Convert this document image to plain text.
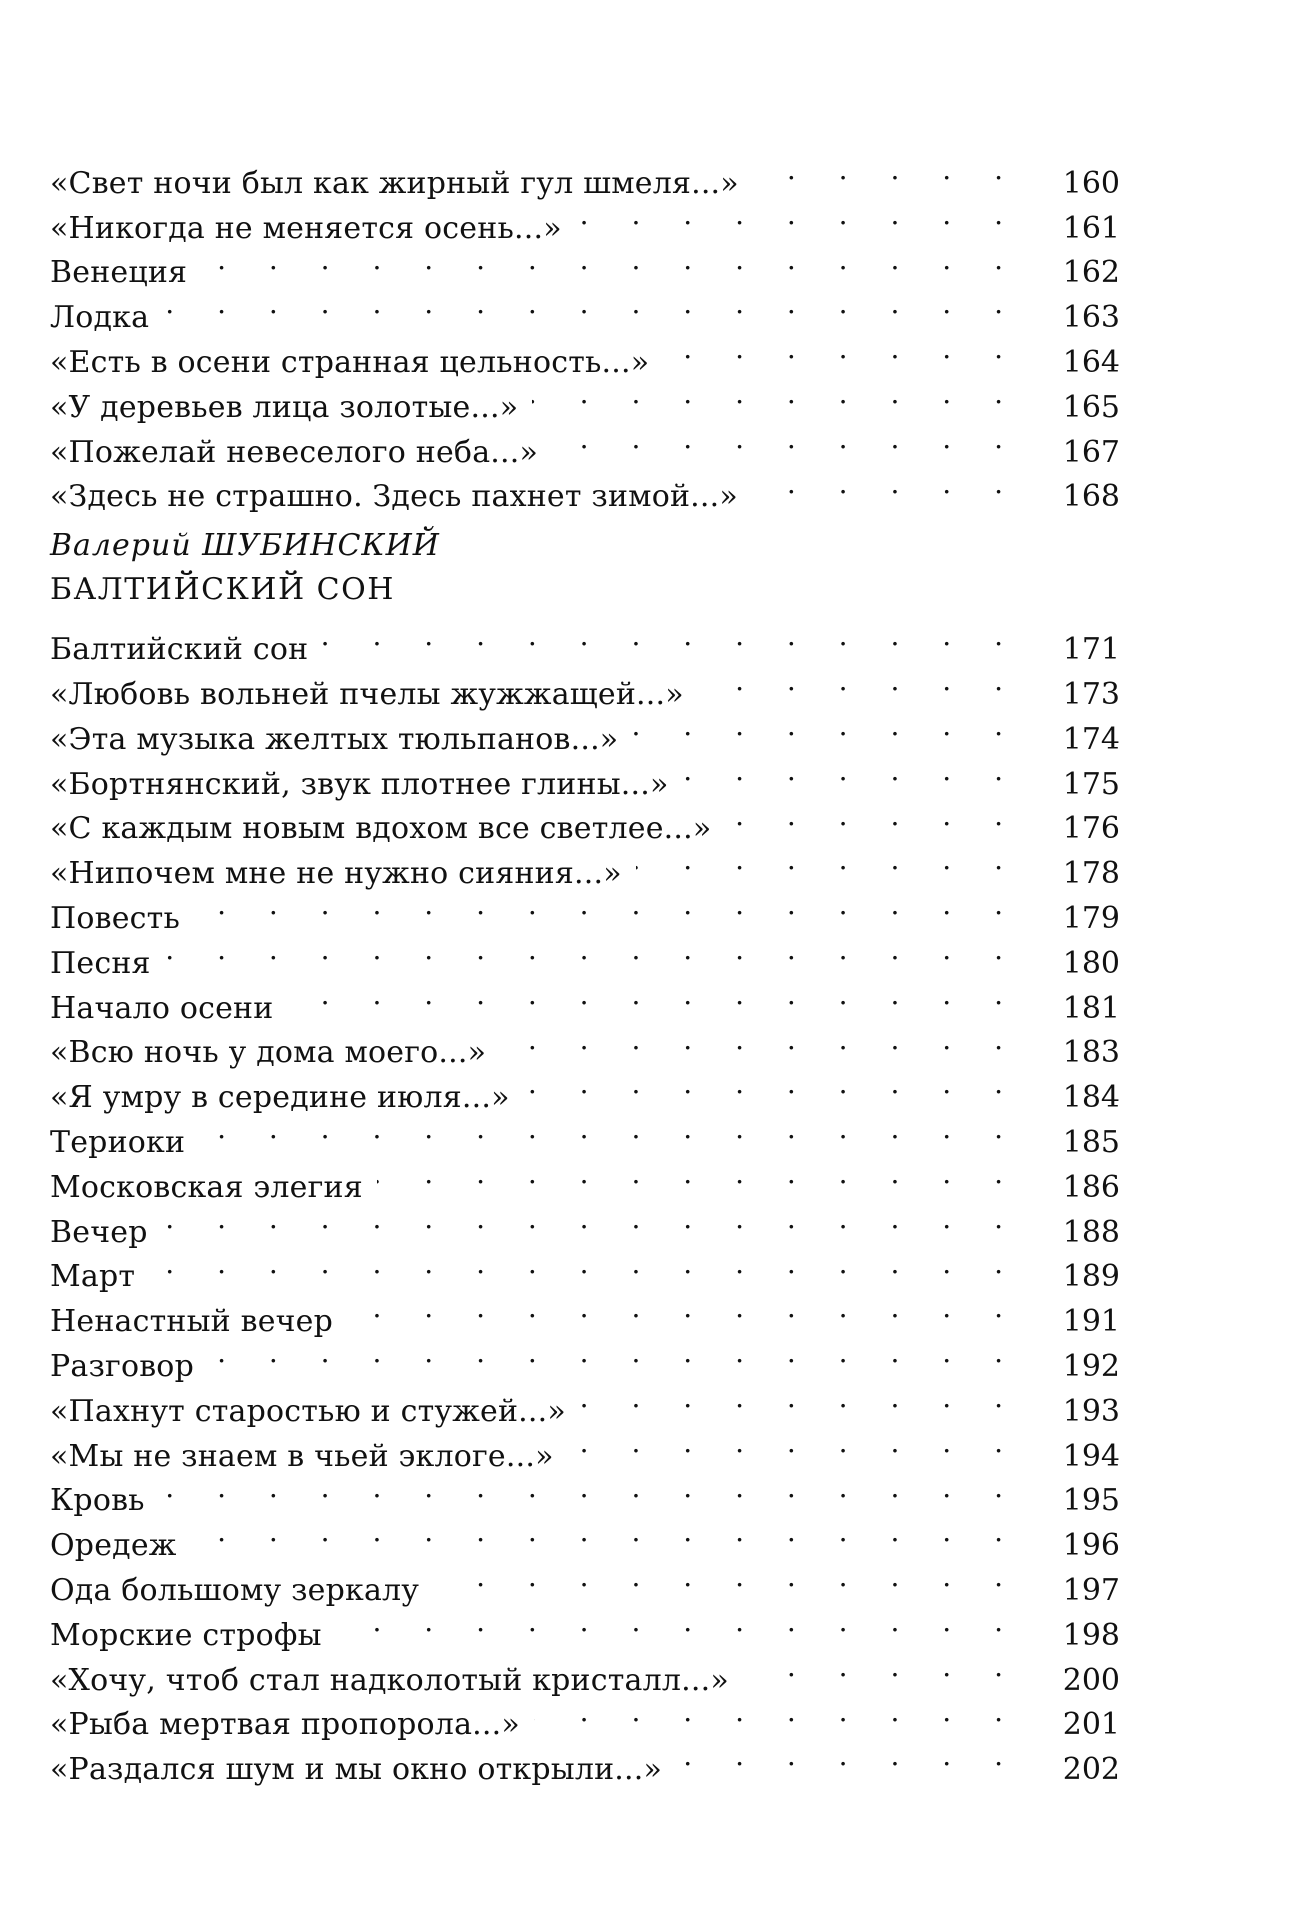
«Свет ночи был как жирный гул шмеля...» . . .	160
«Никогда не меняется осень...» . . .	161
Венеция . . .	162
Лодка . . .	163
«Есть в осени странная цельность...» . . .	164
«У деревьев лица золотые...» . . .	165
«Пожелай невеселого неба...» . . .	167
«Здесь не страшно. Здесь пахнет зимой...» . . .	168
Валерий ШУБИНСКИЙ
БАЛТИЙСКИЙ СОН
Балтийский сон . . .	171
«Любовь вольней пчелы жужжащей...» . . .	173
«Эта музыка желтых тюльпанов...» . . .	174
«Бортнянский, звук плотнее глины...» . . .	175
«С каждым новым вдохом все светлее...» . . .	176
«Нипочем мне не нужно сияния...» . . .	178
Повесть . . .	179
Песня . . .	180
Начало осени . . .	181
«Всю ночь у дома моего...» . . .	183
«Я умру в середине июля...» . . .	184
Териоки . . .	185
Московская элегия . . .	186
Вечер . . .	188
Март . . .	189
Ненастный вечер . . .	191
Разговор . . .	192
«Пахнут старостью и стужей...» . . .	193
«Мы не знаем в чьей эклоге...» . . .	194
Кровь . . .	195
Оредеж . . .	196
Ода большому зеркалу . . .	197
Морские строфы . . .	198
«Хочу, чтоб стал надколотый кристалл...» . . .	200
«Рыба мертвая пропорола...» . . .	201
«Раздался шум и мы окно открыли...» . . .	202
